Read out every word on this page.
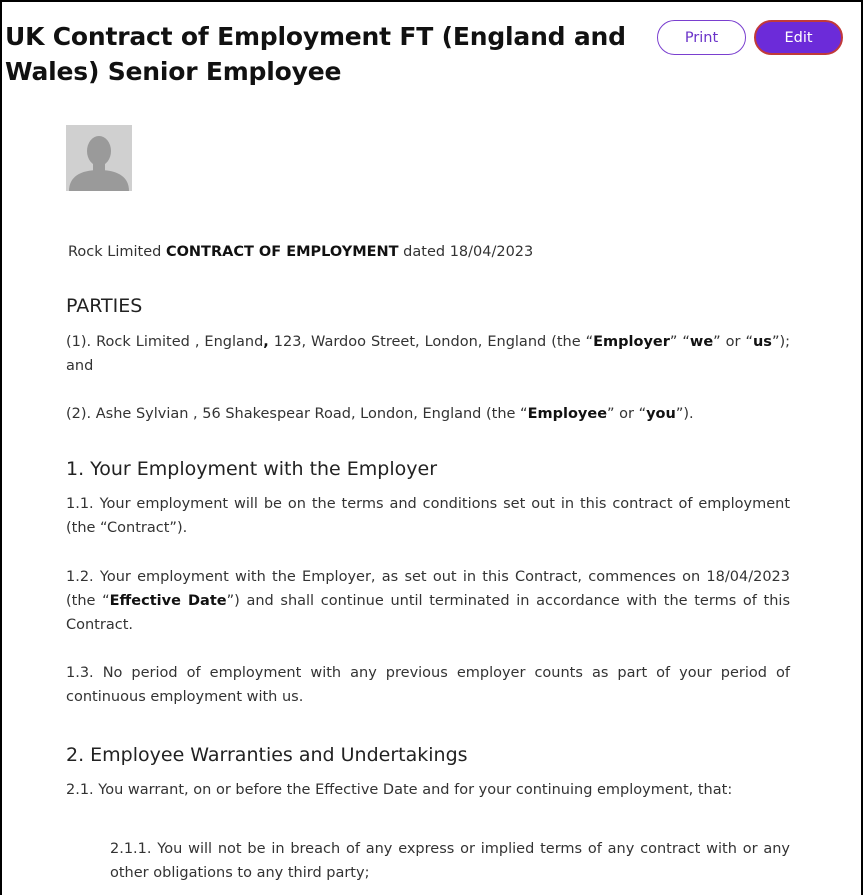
UK Contract of Employment FT (England and Wales) Senior Employee
Print	Edit
Rock Limited CONTRACT OF EMPLOYMENT dated 18/04/2023
PARTIES
(1). Rock Limited , England, 123, Wardoo Street, London, England (the “Employer” “we” or “us”); and
(2). Ashe Sylvian , 56 Shakespear Road, London, England (the “Employee” or “you”).
1. Your Employment with the Employer
1.1. Your employment will be on the terms and conditions set out in this contract of employment (the “Contract”).
1.2. Your employment with the Employer, as set out in this Contract, commences on 18/04/2023 (the “Effective Date”) and shall continue until terminated in accordance with the terms of this Contract.
1.3. No period of employment with any previous employer counts as part of your period of continuous employment with us.
2. Employee Warranties and Undertakings
2.1. You warrant, on or before the Effective Date and for your continuing employment, that:
2.1.1. You will not be in breach of any express or implied terms of any contract with or any other obligations to any third party;
